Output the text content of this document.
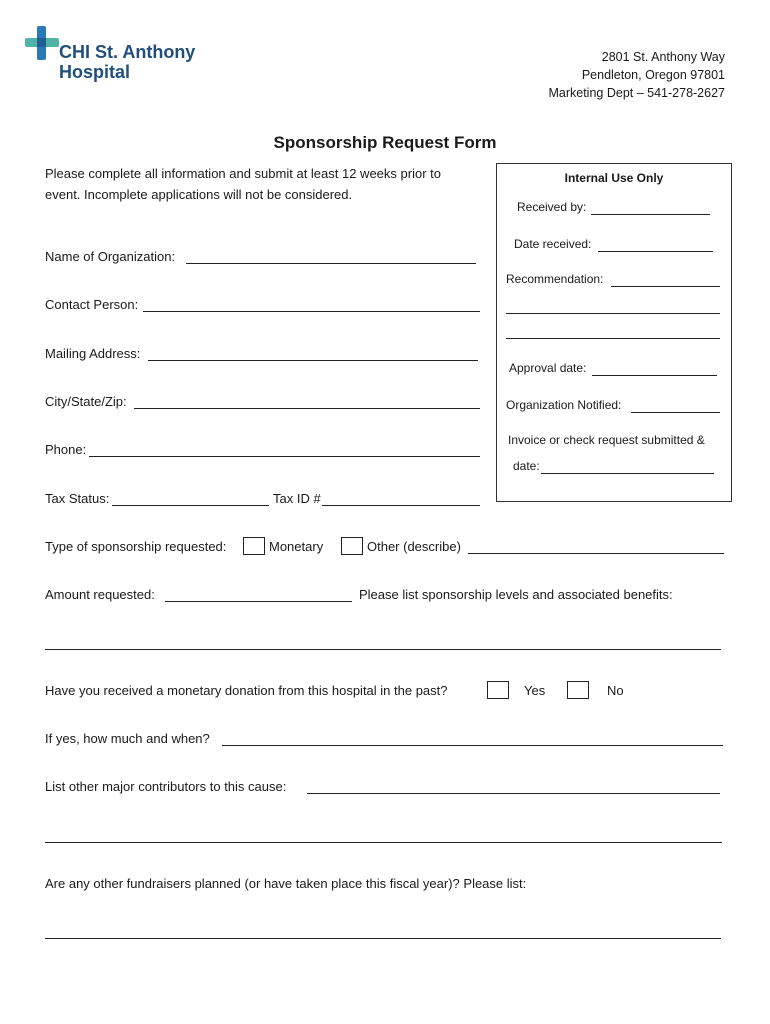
CHI St. Anthony
Hospital
2801 St. Anthony Way
Pendleton, Oregon 97801
Marketing Dept – 541-278-2627
Sponsorship Request Form
Please complete all information and submit at least 12 weeks prior to
event. Incomplete applications will not be considered.
Name of Organization:
Contact Person:
Mailing Address:
City/State/Zip:
Phone:
Tax Status:	Tax ID #
Internal Use Only
Received by:
Date received:
Recommendation:
Approval date:
Organization Notified:
Invoice or check request submitted &
date:
Type of sponsorship requested:	Monetary	Other (describe)
Amount requested:	Please list sponsorship levels and associated benefits:
Have you received a monetary donation from this hospital in the past?	Yes	No
If yes, how much and when?
List other major contributors to this cause:
Are any other fundraisers planned (or have taken place this fiscal year)? Please list:
